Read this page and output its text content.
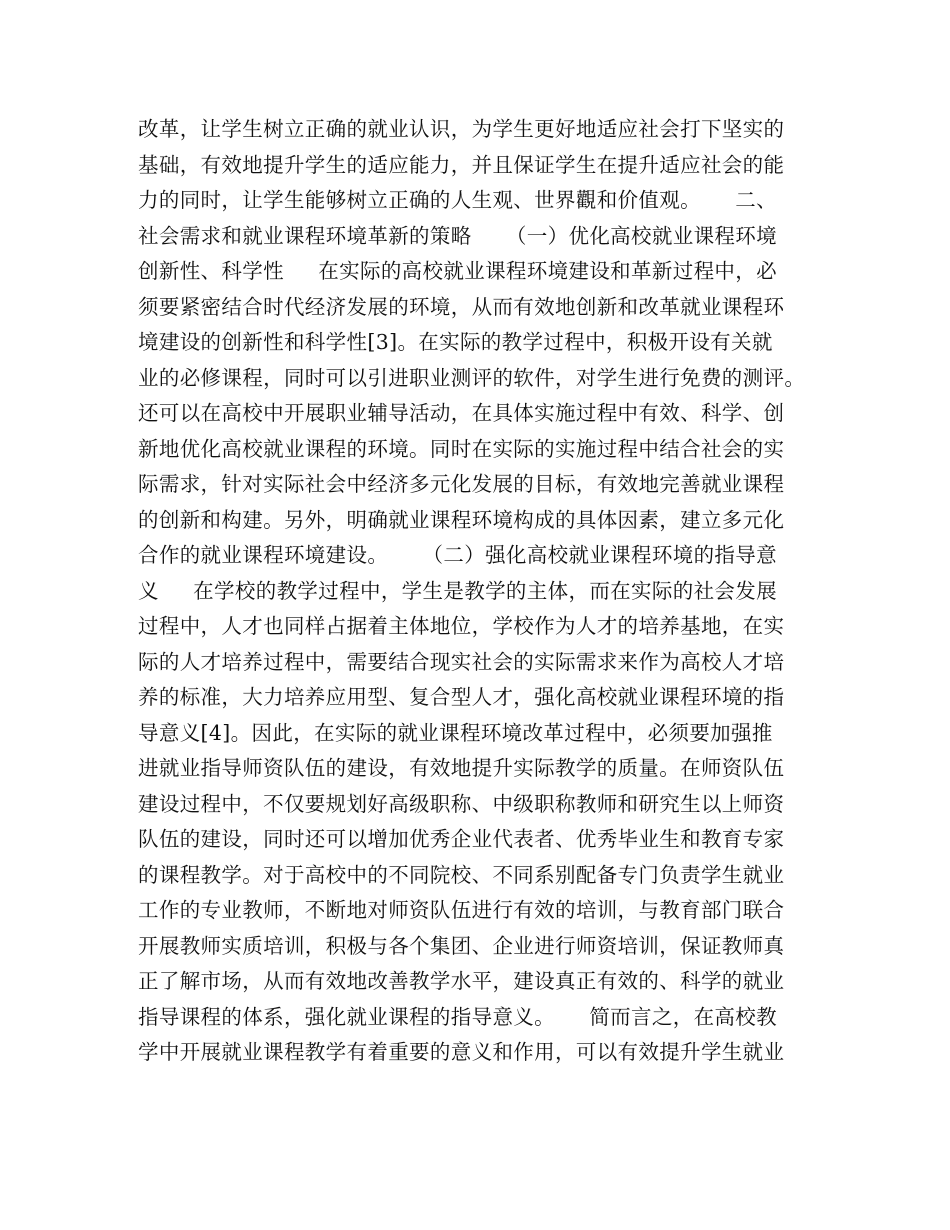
改革，让学生树立正确的就业认识，为学生更好地适应社会打下坚实的
基础，有效地提升学生的适应能力，并且保证学生在提升适应社会的能
力的同时，让学生能够树立正确的人生观、世界觀和价值观。     二、
社会需求和就业课程环境革新的策略     （一）优化高校就业课程环境
创新性、科学性     在实际的高校就业课程环境建设和革新过程中，必
须要紧密结合时代经济发展的环境，从而有效地创新和改革就业课程环
境建设的创新性和科学性[3]。在实际的教学过程中，积极开设有关就
业的必修课程，同时可以引进职业测评的软件，对学生进行免费的测评。
还可以在高校中开展职业辅导活动，在具体实施过程中有效、科学、创
新地优化高校就业课程的环境。同时在实际的实施过程中结合社会的实
际需求，针对实际社会中经济多元化发展的目标，有效地完善就业课程
的创新和构建。另外，明确就业课程环境构成的具体因素，建立多元化
合作的就业课程环境建设。     （二）强化高校就业课程环境的指导意
义     在学校的教学过程中，学生是教学的主体，而在实际的社会发展
过程中，人才也同样占据着主体地位，学校作为人才的培养基地，在实
际的人才培养过程中，需要结合现实社会的实际需求来作为高校人才培
养的标准，大力培养应用型、复合型人才，强化高校就业课程环境的指
导意义[4]。因此，在实际的就业课程环境改革过程中，必须要加强推
进就业指导师资队伍的建设，有效地提升实际教学的质量。在师资队伍
建设过程中，不仅要规划好高级职称、中级职称教师和研究生以上师资
队伍的建设，同时还可以增加优秀企业代表者、优秀毕业生和教育专家
的课程教学。对于高校中的不同院校、不同系别配备专门负责学生就业
工作的专业教师，不断地对师资队伍进行有效的培训，与教育部门联合
开展教师实质培训，积极与各个集团、企业进行师资培训，保证教师真
正了解市场，从而有效地改善教学水平，建设真正有效的、科学的就业
指导课程的体系，强化就业课程的指导意义。     简而言之，在高校教
学中开展就业课程教学有着重要的意义和作用，可以有效提升学生就业
